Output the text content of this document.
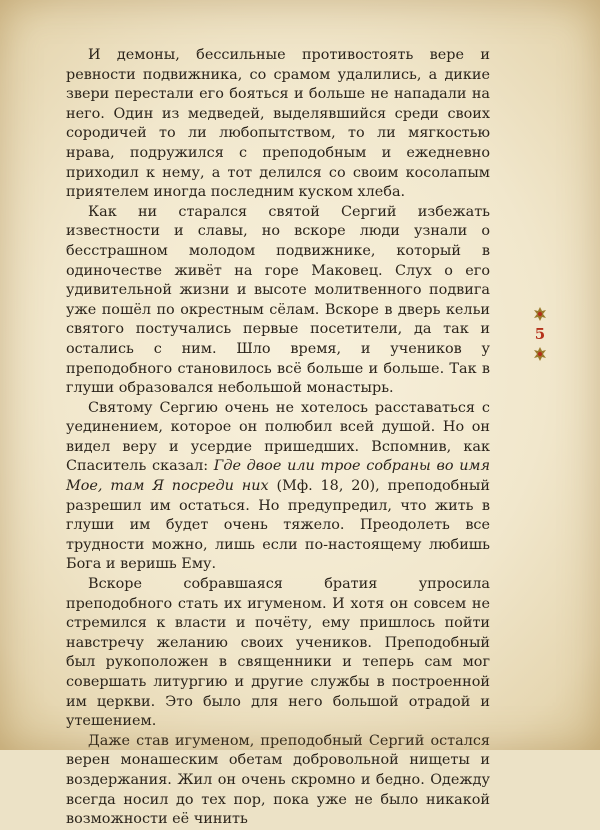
И демоны, бессильные противостоять вере и ревности подвижника, со срамом удалились, а дикие звери перестали его бояться и больше не нападали на него. Один из медведей, выделявшийся среди своих сородичей то ли любопытством, то ли мягкостью нрава, подружился с преподобным и ежедневно приходил к нему, а тот делился со своим косолапым приятелем иногда последним куском хлеба.

Как ни старался святой Сергий избежать известности и славы, но вскоре люди узнали о бесстрашном молодом подвижнике, который в одиночестве живёт на горе Маковец. Слух о его удивительной жизни и высоте молитвенного подвига уже пошёл по окрестным сёлам. Вскоре в дверь кельи святого постучались первые посетители, да так и остались с ним. Шло время, и учеников у преподобного становилось всё больше и больше. Так в глуши образовался небольшой монастырь.

Святому Сергию очень не хотелось расставаться с уединением, которое он полюбил всей душой. Но он видел веру и усердие пришедших. Вспомнив, как Спаситель сказал: Где двое или трое собраны во имя Мое, там Я посреди них (Мф. 18, 20), преподобный разрешил им остаться. Но предупредил, что жить в глуши им будет очень тяжело. Преодолеть все трудности можно, лишь если по-настоящему любишь Бога и веришь Ему.

Вскоре собравшаяся братия упросила преподобного стать их игуменом. И хотя он совсем не стремился к власти и почёту, ему пришлось пойти навстречу желанию своих учеников. Преподобный был рукоположен в священники и теперь сам мог совершать литургию и другие службы в построенной им церкви. Это было для него большой отрадой и утешением.

Даже став игуменом, преподобный Сергий остался верен монашеским обетам добровольной нищеты и воздержания. Жил он очень скромно и бедно. Одежду всегда носил до тех пор, пока уже не было никакой возможности её чинить

5
